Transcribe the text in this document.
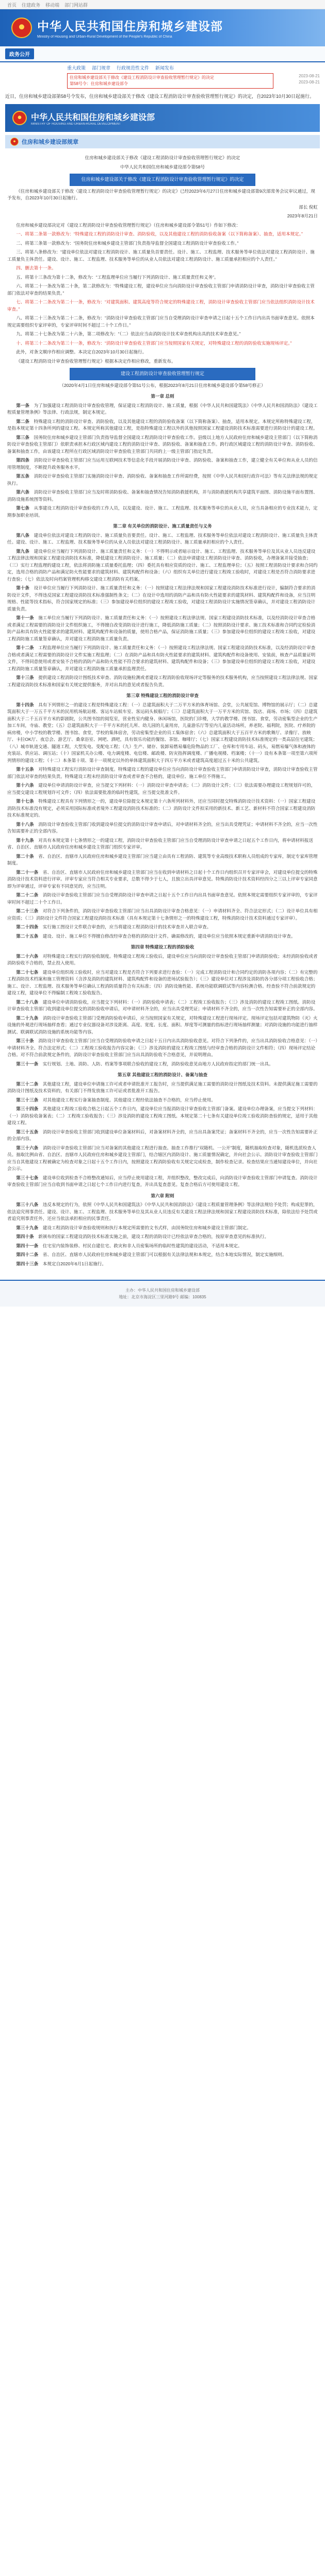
首页 住建政务 移动端 部门网站群
中华人民共和国住房和城乡建设部
Ministry of Housing and Urban-Rural Development of the People's Republic of China
政务公开
重大政策 部门规章 行政规范性文件 新闻发布

住房和城乡建设部关于修改《建设工程消防设计审查验收管理暂行规定》的决定

第58号令：住房和城乡建设部令

2023-08-21
2023-08-21
近日，住房和城乡建设部第58号令发布，住房和城乡建设部关于修改《建设工程消防设计审查验收管理暂行规定》的决定，自2023年10月30日起施行。
中华人民共和国住房和城乡建设部
MINISTRY OF HOUSING AND URBAN-RURAL DEVELOPMENT
住房和城乡建设部规章

住房和城乡建设部关于修改《建设工程消防设计审查验收管理暂行规定》的决定

中华人民共和国住房和城乡建设部令第58号

住房和城乡建设部关于修改《建设工程消防设计审查验收管理暂行规定》的决定

《住房和城乡建设部关于修改〈建设工程消防设计审查验收管理暂行规定〉的决定》已经2023年6月27日住房和城乡建设部第9次部常务会议审议通过，现予发布，自2023年10月30日起施行。

部长 倪虹

2023年8月21日

住房和城乡建设部决定对《建设工程消防设计审查验收管理暂行规定》（住房和城乡建设部令第51号）作如下修改：

一、将第二条第一款修改为：“特殊建设工程的消防设计审查、消防验收，以及其他建设工程的消防验收备案（以下简称备案）、抽查，适用本规定。”

二、将第三条第一款修改为：“国务院住房和城乡建设主管部门负责指导监督全国建设工程消防设计审查验收工作。”

三、将第八条修改为：“建设单位依法对建设工程消防设计、施工质量负首要责任。设计、施工、工程监理、技术服务等单位依法对建设工程消防设计、施工质量负主体责任。建设、设计、施工、工程监理、技术服务等单位的从业人员依法对建设工程消防设计、施工质量承担相应的个人责任。”

四、删去第十一条。

五、将第十三条改为第十二条，修改为：“工程监理单位应当履行下列消防设计、施工质量责任和义务”。

六、将第二十一条改为第二十条，第二款修改为：“特殊建设工程，建设单位应当向消防设计审查验收主管部门申请消防设计审查，消防设计审查验收主管部门依法对审查的结果负责。”

七、将第二十二条改为第二十一条，修改为：“对建筑面积、建筑高度等符合规定的特殊建设工程，消防设计审查验收主管部门应当依法组织消防设计技术审查。”

八、将第二十三条改为第二十二条，修改为：“消防设计审查验收主管部门应当自受理消防设计审查申请之日起十五个工作日内出具书面审查意见。依照本规定需要组织专家评审的，专家评审时间不超过二十个工作日。”

九、将第二十七条改为第二十六条，第二项修改为：“（二）依法应当由消防设计技术审查机构出具的技术审查意见。”

十、将第三十二条改为第三十一条，修改为：“消防设计审查验收主管部门应当按照国家有关规定，对特殊建设工程的消防验收实施现场评定。”

此外，对条文顺序作相应调整。本决定自2023年10月30日起施行。

《建设工程消防设计审查验收管理暂行规定》根据本决定作相应修改，重新发布。

建设工程消防设计审查验收管理暂行规定

（2020年4月1日住房和城乡建设部令第51号公布，根据2023年8月21日住房和城乡建设部令第58号修正）

第一章 总则

第一条　 为了加强建设工程消防设计审查验收管理，保证建设工程消防设计、施工质量，根据《中华人民共和国建筑法》《中华人民共和国消防法》《建设工程质量管理条例》等法律、行政法规，制定本规定。

第二条　 特殊建设工程的消防设计审查、消防验收，以及其他建设工程的消防验收备案（以下简称备案）、抽查，适用本规定。本规定所称特殊建设工程，是指本规定第十四条所列的建设工程。本规定所称其他建设工程，是指特殊建设工程以外的其他按照国家工程建设消防技术标准需要进行消防设计的建设工程。

第三条　 国务院住房和城乡建设主管部门负责指导监督全国建设工程消防设计审查验收工作。县级以上地方人民政府住房和城乡建设主管部门（以下简称消防设计审查验收主管部门）依职责承担本行政区域内建设工程的消防设计审查、消防验收、备案和抽查工作。跨行政区域建设工程的消防设计审查、消防验收、备案和抽查工作，由该建设工程所在行政区域消防设计审查验收主管部门共同的上一级主管部门指定负责。

第四条　 消防设计审查验收主管部门应当运用互联网技术等信息化手段开展消防设计审查、消防验收、备案和抽查工作，建立健全有关单位和从业人员的信用管理制度，不断提升政务服务水平。

第五条　 消防设计审查验收主管部门实施消防设计审查、消防验收、备案和抽查工作所需经费，按照《中华人民共和国行政许可法》等有关法律法规的规定执行。

第六条　 消防设计审查验收主管部门应当及时将消防验收、备案和抽查情况告知消防救援机构，并与消防救援机构共享建筑平面图、消防设施平面布置图、消防设施系统图等资料。

第七条　 从事建设工程消防设计审查验收的工作人员，以及建设、设计、施工、工程监理、技术服务等单位的从业人员，应当具备相应的专业技术能力，定期参加职业培训。

第二章 有关单位的消防设计、施工质量责任与义务

第八条　 建设单位依法对建设工程消防设计、施工质量负首要责任。设计、施工、工程监理、技术服务等单位依法对建设工程消防设计、施工质量负主体责任。建设、设计、施工、工程监理、技术服务等单位的从业人员依法对建设工程消防设计、施工质量承担相应的个人责任。

第九条　 建设单位应当履行下列消防设计、施工质量责任和义务：（一）不得明示或者暗示设计、施工、工程监理、技术服务等单位及其从业人员违反建设工程法律法规和国家工程建设消防技术标准，降低建设工程消防设计、施工质量；（二）依法申请建设工程消防设计审查、消防验收，办理备案并接受抽查；（三）实行工程监理的建设工程，依法将消防施工质量委托监理；（四）委托具有相应资质的设计、施工、工程监理单位；（五）按照工程消防设计要求和合同约定，选用合格的消防产品和满足防火性能要求的建筑材料、建筑构配件和设备；（六）组织有关单位进行建设工程竣工验收时，对建设工程是否符合消防要求进行查验；（七）依法及时向档案管理机构移交建设工程消防有关档案。

第十条　 设计单位应当履行下列消防设计、施工质量责任和义务：（一）按照建设工程法律法规和国家工程建设消防技术标准进行设计，编制符合要求的消防设计文件，不得违反国家工程建设消防技术标准强制性条文；（二）在设计中选用的消防产品和具有防火性能要求的建筑材料、建筑构配件和设备，应当注明规格、性能等技术指标，符合国家规定的标准；（三）参加建设单位组织的建设工程竣工验收，对建设工程消防设计实施情况签章确认，并对建设工程消防设计质量负责。

第十一条　 施工单位应当履行下列消防设计、施工质量责任和义务：（一）按照建设工程法律法规、国家工程建设消防技术标准，以及经消防设计审查合格或者满足工程需要的消防设计文件组织施工，不得擅自改变消防设计进行施工，降低消防施工质量；（二）按照消防设计要求、施工技术标准和合同约定检验消防产品和具有防火性能要求的建筑材料、建筑构配件和设备的质量，使用合格产品，保证消防施工质量；（三）参加建设单位组织的建设工程竣工验收，对建设工程消防施工质量签章确认，并对建设工程消防施工质量负责。

第十二条　 工程监理单位应当履行下列消防设计、施工质量责任和义务：（一）按照建设工程法律法规、国家工程建设消防技术标准，以及经消防设计审查合格或者满足工程需要的消防设计文件实施工程监理；（二）在消防产品和具有防火性能要求的建筑材料、建筑构配件和设备使用、安装前，核查产品质量证明文件，不得同意使用或者安装不合格的消防产品和防火性能不符合要求的建筑材料、建筑构配件和设备；（三）参加建设单位组织的建设工程竣工验收，对建设工程消防施工质量签章确认，并对建设工程消防施工质量承担监理责任。

第十三条　 提供建设工程消防设计图纸技术审查、消防设施检测或者建设工程消防验收现场评定等服务的技术服务机构，应当按照建设工程法律法规、国家工程建设消防技术标准和国家有关规定提供服务，并对出具的意见或者报告负责。

第三章 特殊建设工程的消防设计审查

第十四条　 具有下列情形之一的建设工程是特殊建设工程：（一）总建筑面积大于二万平方米的体育场馆、会堂，公共展览馆、博物馆的展示厅；（二）总建筑面积大于一万五千平方米的民用机场航站楼、客运车站候车室、客运码头候船厅；（三）总建筑面积大于一万平方米的宾馆、饭店、商场、市场；（四）总建筑面积大于二千五百平方米的影剧院，公共图书馆的阅览室，营业性室内健身、休闲场馆，医院的门诊楼，大学的教学楼、图书馆、食堂，劳动密集型企业的生产加工车间，寺庙、教堂；（五）总建筑面积大于一千平方米的托儿所、幼儿园的儿童用房，儿童游乐厅等室内儿童活动场所，养老院、福利院，医院、疗养院的病房楼，中小学校的教学楼、图书馆、食堂，学校的集体宿舍，劳动密集型企业的员工集体宿舍；（六）总建筑面积大于五百平方米的歌舞厅、录像厅、放映厅、卡拉OK厅、夜总会、游艺厅、桑拿浴室、网吧、酒吧，具有娱乐功能的餐馆、茶馆、咖啡厅；（七）国家工程建设消防技术标准规定的一类高层住宅建筑；（八）城市轨道交通、隧道工程，大型发电、变配电工程；（九）生产、储存、装卸易燃易爆危险物品的工厂、仓库和专用车站、码头，易燃易爆气体和液体的充装站、供应站、调压站；（十）国家机关办公楼、电力调度楼、电信楼、邮政楼、防灾指挥调度楼、广播电视楼、档案楼；（十一）设有本条第一项至第六项所列情形的建设工程；（十二）本条第十项、第十一项规定以外的单体建筑面积大于四万平方米或者建筑高度超过五十米的公共建筑。

第十五条　 对特殊建设工程实行消防设计审查制度。特殊建设工程的建设单位应当向消防设计审查验收主管部门申请消防设计审查，消防设计审查验收主管部门依法对审查的结果负责。特殊建设工程未经消防设计审查或者审查不合格的，建设单位、施工单位不得施工。

第十六条　 建设单位申请消防设计审查，应当提交下列材料：（一）消防设计审查申请表；（二）消防设计文件；（三）依法需要办理建设工程规划许可的，应当提交建设工程规划许可文件；（四）依法需要批准的临时性建筑，应当提交批准文件。

第十七条　 特殊建设工程具有下列情形之一的，建设单位除提交本规定第十六条所列材料外，还应当同时提交特殊消防设计技术资料：（一）国家工程建设消防技术标准没有规定，必须采用国际标准或者境外工程建设消防技术标准的；（二）消防设计文件拟采用的新技术、新工艺、新材料不符合国家工程建设消防技术标准规定的。

第十八条　 消防设计审查验收主管部门收到建设单位提交的消防设计审查申请后，对申请材料齐全的，应当出具受理凭证；申请材料不齐全的，应当一次性告知需要补正的全部内容。

第十九条　 对具有本规定第十七条情形之一的建设工程，消防设计审查验收主管部门应当自受理消防设计审查申请之日起五个工作日内，将申请材料报送省、自治区、直辖市人民政府住房和城乡建设主管部门组织专家评审。

第二十条　 省、自治区、直辖市人民政府住房和城乡建设主管部门应当建立由具有工程消防、建筑等专业高级技术职称人员组成的专家库，制定专家库管理制度。

第二十一条　 省、自治区、直辖市人民政府住房和城乡建设主管部门应当在收到申请材料之日起十个工作日内组织召开专家评审会，对建设单位提交的特殊消防设计技术资料进行评审。评审专家应当符合相关专业要求，总数不得少于七人，且独立出具评审意见。特殊消防设计技术资料经四分之三以上评审专家同意即为评审通过，评审专家有不同意见的，应当注明。

第二十二条　 消防设计审查验收主管部门应当自受理消防设计审查申请之日起十五个工作日内出具书面审查意见。依照本规定需要组织专家评审的，专家评审时间不超过二十个工作日。

第二十三条　 对符合下列条件的，消防设计审查验收主管部门应当出具消防设计审查合格意见：（一）申请材料齐全、符合法定形式；（二）设计单位具有相应资质；（三）消防设计文件符合国家工程建设消防技术标准（具有本规定第十七条情形之一的特殊建设工程，特殊消防设计技术资料通过专家评审）。

第二十四条　 实行施工图设计文件联合审查的，应当将建设工程消防设计的技术审查并入联合审查。

第二十五条　 建设、设计、施工单位不得擅自修改经审查合格的消防设计文件。确需修改的，建设单位应当依照本规定重新申请消防设计审查。

第四章 特殊建设工程的消防验收

第二十六条　 对特殊建设工程实行消防验收制度。特殊建设工程竣工验收后，建设单位应当向消防设计审查验收主管部门申请消防验收；未经消防验收或者消防验收不合格的，禁止投入使用。

第二十七条　 建设单位组织竣工验收时，应当对建设工程是否符合下列要求进行查验：（一）完成工程消防设计和合同约定的消防各项内容；（二）有完整的工程消防技术档案和施工管理资料（含涉及消防的建筑材料、建筑构配件和设备的进场试验报告）；（三）建设单位对工程涉及消防的各分部分项工程验收合格；施工、设计、工程监理、技术服务等单位确认工程消防质量符合有关标准；（四）消防设施性能、系统功能联调联试等内容检测合格。经查验不符合前款规定的建设工程，建设单位不得编制工程竣工验收报告。

第二十八条　 建设单位申请消防验收，应当提交下列材料：（一）消防验收申请表；（二）工程竣工验收报告；（三）涉及消防的建设工程竣工图纸。消防设计审查验收主管部门收到建设单位提交的消防验收申请后，对申请材料齐全的，应当出具受理凭证；申请材料不齐全的，应当一次性告知需要补正的全部内容。

第二十九条　 消防设计审查验收主管部门受理消防验收申请后，应当按照国家有关规定，对特殊建设工程进行现场评定。现场评定包括对建筑物防（灭）火设施的外观进行现场抽样查看；通过专业仪器设备对涉及距离、高度、宽度、长度、面积、厚度等可测量的指标进行现场抽样测量；对消防设施的功能进行抽样测试、联调联试消防设施的系统功能等内容。

第三十条　 消防设计审查验收主管部门应当自受理消防验收申请之日起十五日内出具消防验收意见。对符合下列条件的，应当出具消防验收合格意见：（一）申请材料齐全、符合法定形式；（二）工程竣工验收报告内容完备；（三）涉及消防的建设工程竣工图纸与经审查合格的消防设计文件相符；（四）现场评定结论合格。对不符合前款规定条件的，消防设计审查验收主管部门应当出具消防验收不合格意见，并说明理由。

第三十一条　 实行规划、土地、消防、人防、档案等事项联合验收的建设工程，消防验收意见由地方人民政府指定的部门统一出具。

第五章 其他建设工程的消防设计、备案与抽查

第三十二条　 其他建设工程，建设单位申请施工许可或者申请批准开工报告时，应当提供满足施工需要的消防设计图纸及技术资料。未提供满足施工需要的消防设计图纸及技术资料的，有关部门不得发放施工许可证或者批准开工报告。

第三十三条　 对其他建设工程实行备案抽查制度。其他建设工程经依法抽查不合格的，应当停止使用。

第三十四条　 其他建设工程竣工验收合格之日起五个工作日内，建设单位应当报消防设计审查验收主管部门备案。建设单位办理备案，应当提交下列材料：（一）消防验收备案表；（二）工程竣工验收报告；（三）涉及消防的建设工程竣工图纸。本规定第二十七条有关建设单位竣工验收消防查验的规定，适用于其他建设工程。

第三十五条　 消防设计审查验收主管部门收到建设单位备案材料后，对备案材料齐全的，应当出具备案凭证；备案材料不齐全的，应当一次性告知需要补正的全部内容。

第三十六条　 消防设计审查验收主管部门应当对备案的其他建设工程进行抽查。抽查工作推行“双随机、一公开”制度，随机抽取检查对象，随机选派检查人员。抽取比例由省、自治区、直辖市人民政府住房和城乡建设主管部门，结合辖区内消防设计、施工质量情况确定，并向社会公示。消防设计审查验收主管部门应当自其他建设工程被确定为检查对象之日起十五个工作日内，按照建设工程消防验收有关规定完成检查，制作检查记录。检查结果应当通知建设单位，并向社会公示。

第三十七条　 建设单位收到检查不合格整改通知后，应当停止使用建设工程，并组织整改，整改完成后，向消防设计审查验收主管部门申请复查。消防设计审查验收主管部门应当自收到书面申请之日起七个工作日内进行复查，并出具复查意见。复查合格后方可使用建设工程。

第六章 附则

第三十八条　 违反本规定的行为，依照《中华人民共和国建筑法》《中华人民共和国消防法》《建设工程质量管理条例》等法律法规给予处罚；构成犯罪的，依法追究刑事责任。建设、设计、施工、工程监理、技术服务等单位及其从业人员违反有关建设工程法律法规和国家工程建设消防技术标准，除依法给予处罚或者追究刑事责任外，还应当依法承担相应的民事责任。

第三十九条　 建设工程消防设计审查验收规则和执行本规定所需要的文书式样，由国务院住房和城乡建设主管部门制定。

第四十条　 新颁布的国家工程建设消防技术标准实施之前，建设工程的消防设计已经依法审查合格的，按原审查意见的标准执行。

第四十一条　 住宅室内装饰装修、村民自建住宅、救灾和非人员密集场所的临时性建筑的建设活动，不适用本规定。

第四十二条　 省、自治区、直辖市人民政府住房和城乡建设主管部门可以根据有关法律法规和本规定，结合本地实际情况，制定实施细则。

第四十三条　 本规定自2020年6月1日起施行。

主办：中华人民共和国住房和城乡建设部

地址：北京市海淀区三里河路9号 邮编：100835
